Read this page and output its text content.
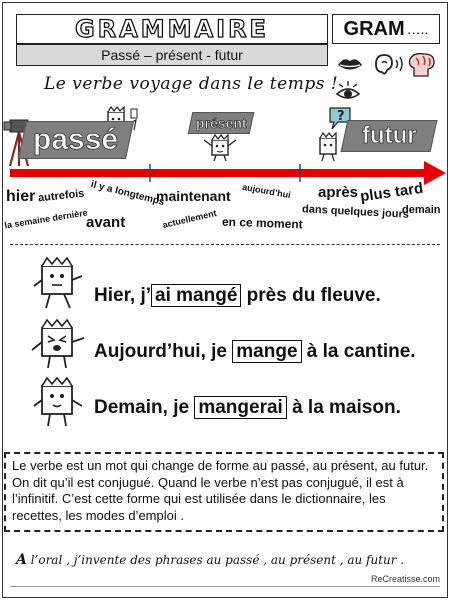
GRAMMAIRE
Passé – présent - futur
GRAM …..
Le verbe voyage dans le temps !
?
passé	présent	futur
hier autrefois il y a longtemps
la semaine dernière
avant
maintenant aujourd’hui
actuellement en ce moment
après plus tard
dans quelques jours
demain
Hier, j’ ai mangé près du fleuve.
Aujourd’hui, je mange à la cantine.
Demain, je mangerai à la maison.
Le verbe est un mot qui change de forme au passé, au présent, au futur. On dit qu’il est conjugué. Quand le verbe n’est pas conjugué, il est à l’infinitif. C’est cette forme qui est utilisée dans le dictionnaire, les recettes, les modes d’emploi .
A l’oral , j’invente des phrases au passé , au présent , au futur .
ReCreatisse.com
